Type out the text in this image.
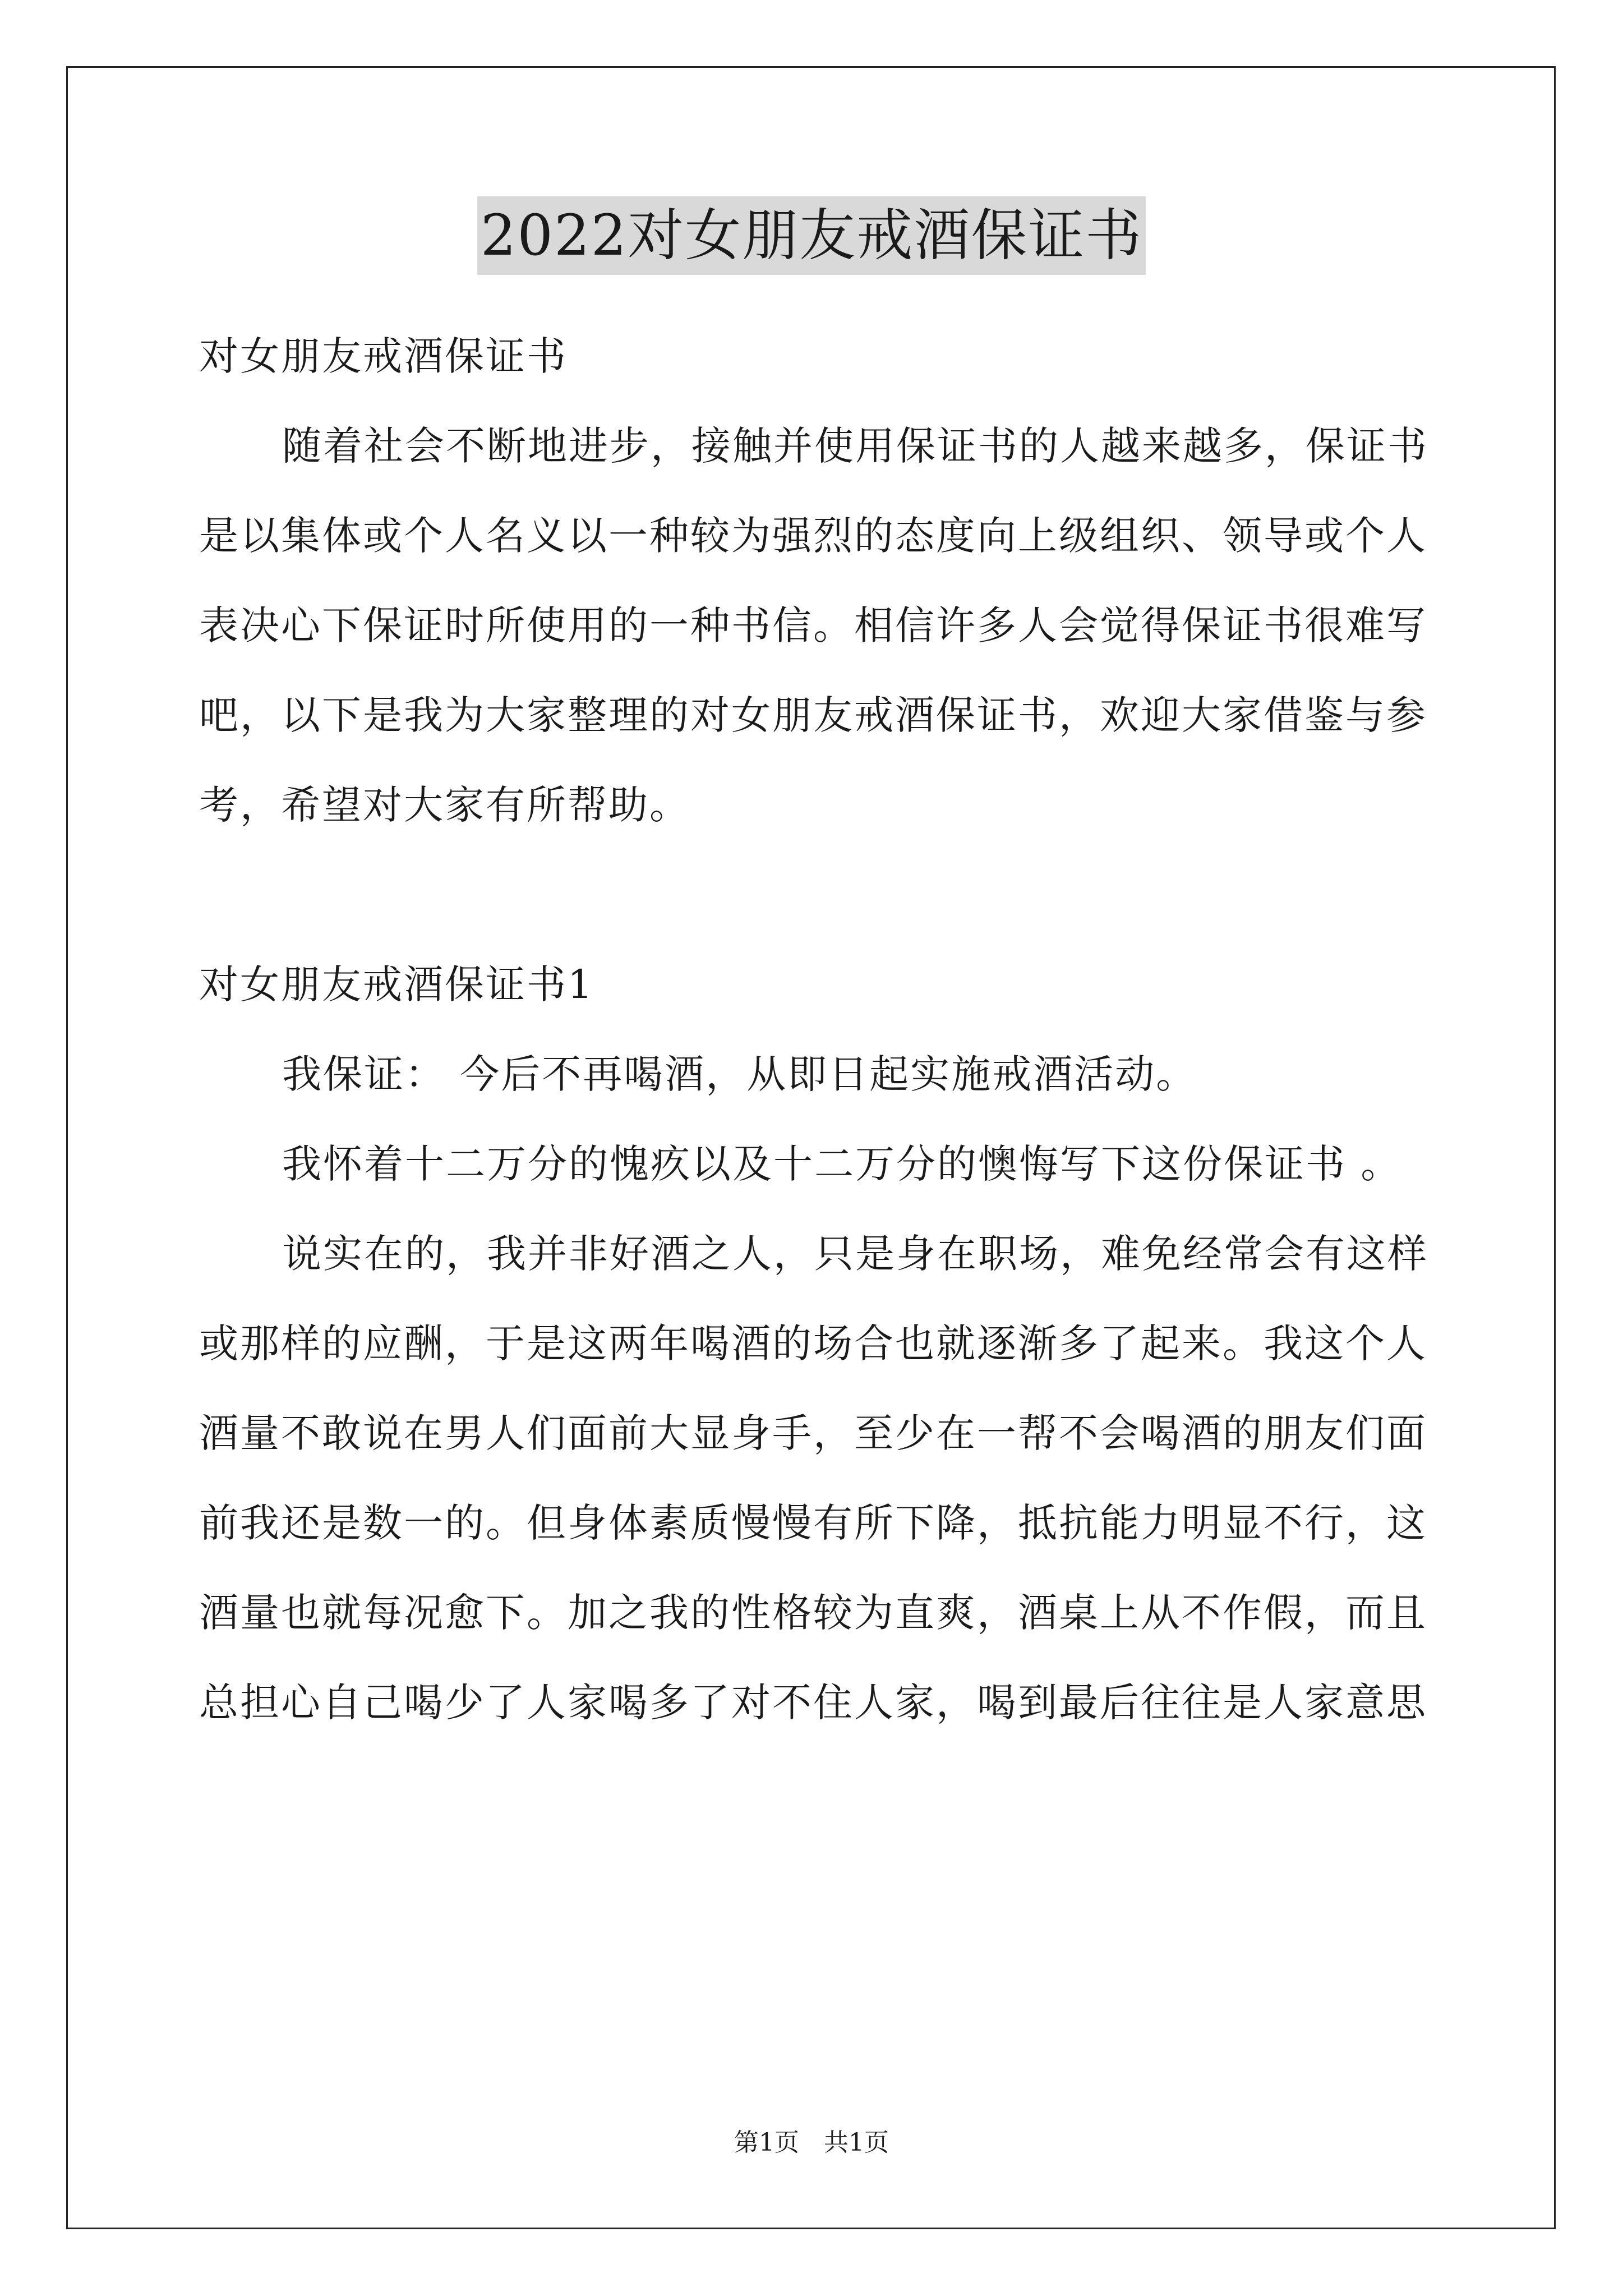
2022对女朋友戒酒保证书

对女朋友戒酒保证书

随着社会不断地进步，接触并使用保证书的人越来越多，保证书是以集体或个人名义以一种较为强烈的态度向上级组织、领导或个人表决心下保证时所使用的一种书信。相信许多人会觉得保证书很难写吧，以下是我为大家整理的对女朋友戒酒保证书，欢迎大家借鉴与参考，希望对大家有所帮助。

对女朋友戒酒保证书1

我保证： 今后不再喝酒，从即日起实施戒酒活动。

我怀着十二万分的愧疚以及十二万分的懊悔写下这份保证书 。

说实在的，我并非好酒之人，只是身在职场，难免经常会有这样或那样的应酬，于是这两年喝酒的场合也就逐渐多了起来。我这个人酒量不敢说在男人们面前大显身手，至少在一帮不会喝酒的朋友们面前我还是数一的。但身体素质慢慢有所下降，抵抗能力明显不行，这酒量也就每况愈下。加之我的性格较为直爽，酒桌上从不作假，而且总担心自己喝少了人家喝多了对不住人家，喝到最后往往是人家意思

第1页　共1页
